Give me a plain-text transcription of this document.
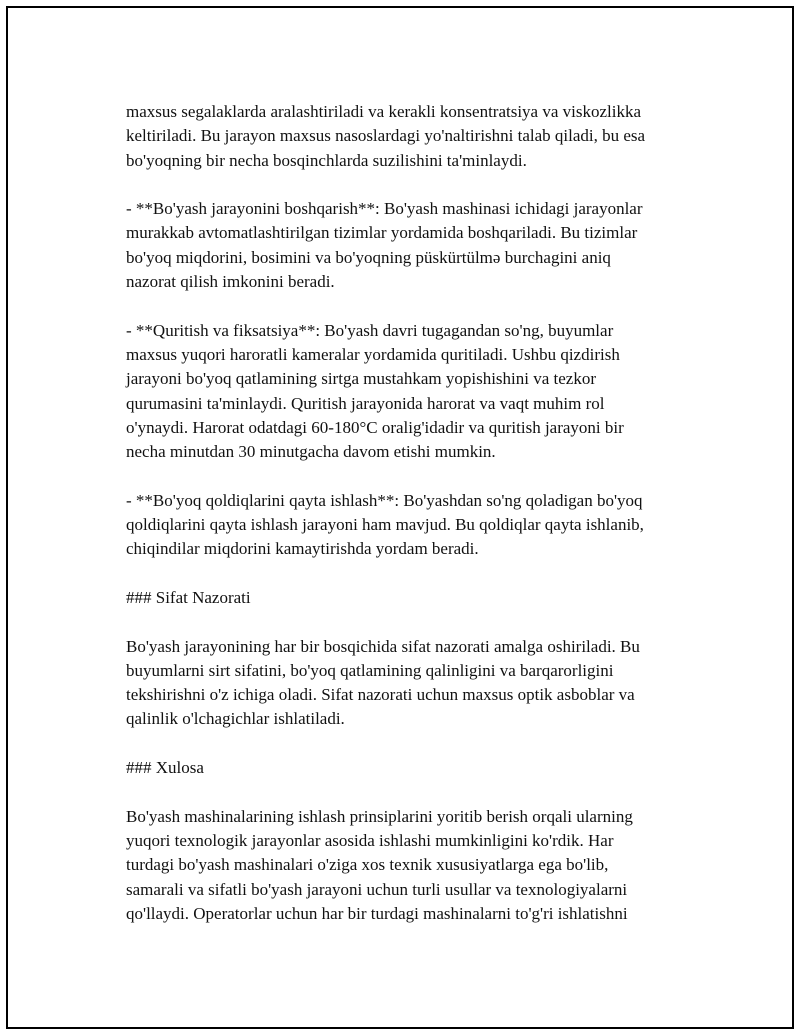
maxsus segalaklarda aralashtiriladi va kerakli konsentratsiya va viskozlikka
keltiriladi. Bu jarayon maxsus nasoslardagi yo'naltirishni talab qiladi, bu esa
bo'yoqning bir necha bosqinchlarda suzilishini ta'minlaydi.

- **Bo'yash jarayonini boshqarish**: Bo'yash mashinasi ichidagi jarayonlar
murakkab avtomatlashtirilgan tizimlar yordamida boshqariladi. Bu tizimlar
bo'yoq miqdorini, bosimini va bo'yoqning püskürtülmə burchagini aniq
nazorat qilish imkonini beradi.

- **Quritish va fiksatsiya**: Bo'yash davri tugagandan so'ng, buyumlar
maxsus yuqori haroratli kameralar yordamida quritiladi. Ushbu qizdirish
jarayoni bo'yoq qatlamining sirtga mustahkam yopishishini va tezkor
qurumasini ta'minlaydi. Quritish jarayonida harorat va vaqt muhim rol
o'ynaydi. Harorat odatdagi 60-180°C oralig'idadir va quritish jarayoni bir
necha minutdan 30 minutgacha davom etishi mumkin.

- **Bo'yoq qoldiqlarini qayta ishlash**: Bo'yashdan so'ng qoladigan bo'yoq
qoldiqlarini qayta ishlash jarayoni ham mavjud. Bu qoldiqlar qayta ishlanib,
chiqindilar miqdorini kamaytirishda yordam beradi.

### Sifat Nazorati

Bo'yash jarayonining har bir bosqichida sifat nazorati amalga oshiriladi. Bu
buyumlarni sirt sifatini, bo'yoq qatlamining qalinligini va barqarorligini
tekshirishni o'z ichiga oladi. Sifat nazorati uchun maxsus optik asboblar va
qalinlik o'lchagichlar ishlatiladi.

### Xulosa

Bo'yash mashinalarining ishlash prinsiplarini yoritib berish orqali ularning
yuqori texnologik jarayonlar asosida ishlashi mumkinligini ko'rdik. Har
turdagi bo'yash mashinalari o'ziga xos texnik xususiyatlarga ega bo'lib,
samarali va sifatli bo'yash jarayoni uchun turli usullar va texnologiyalarni
qo'llaydi. Operatorlar uchun har bir turdagi mashinalarni to'g'ri ishlatishni
